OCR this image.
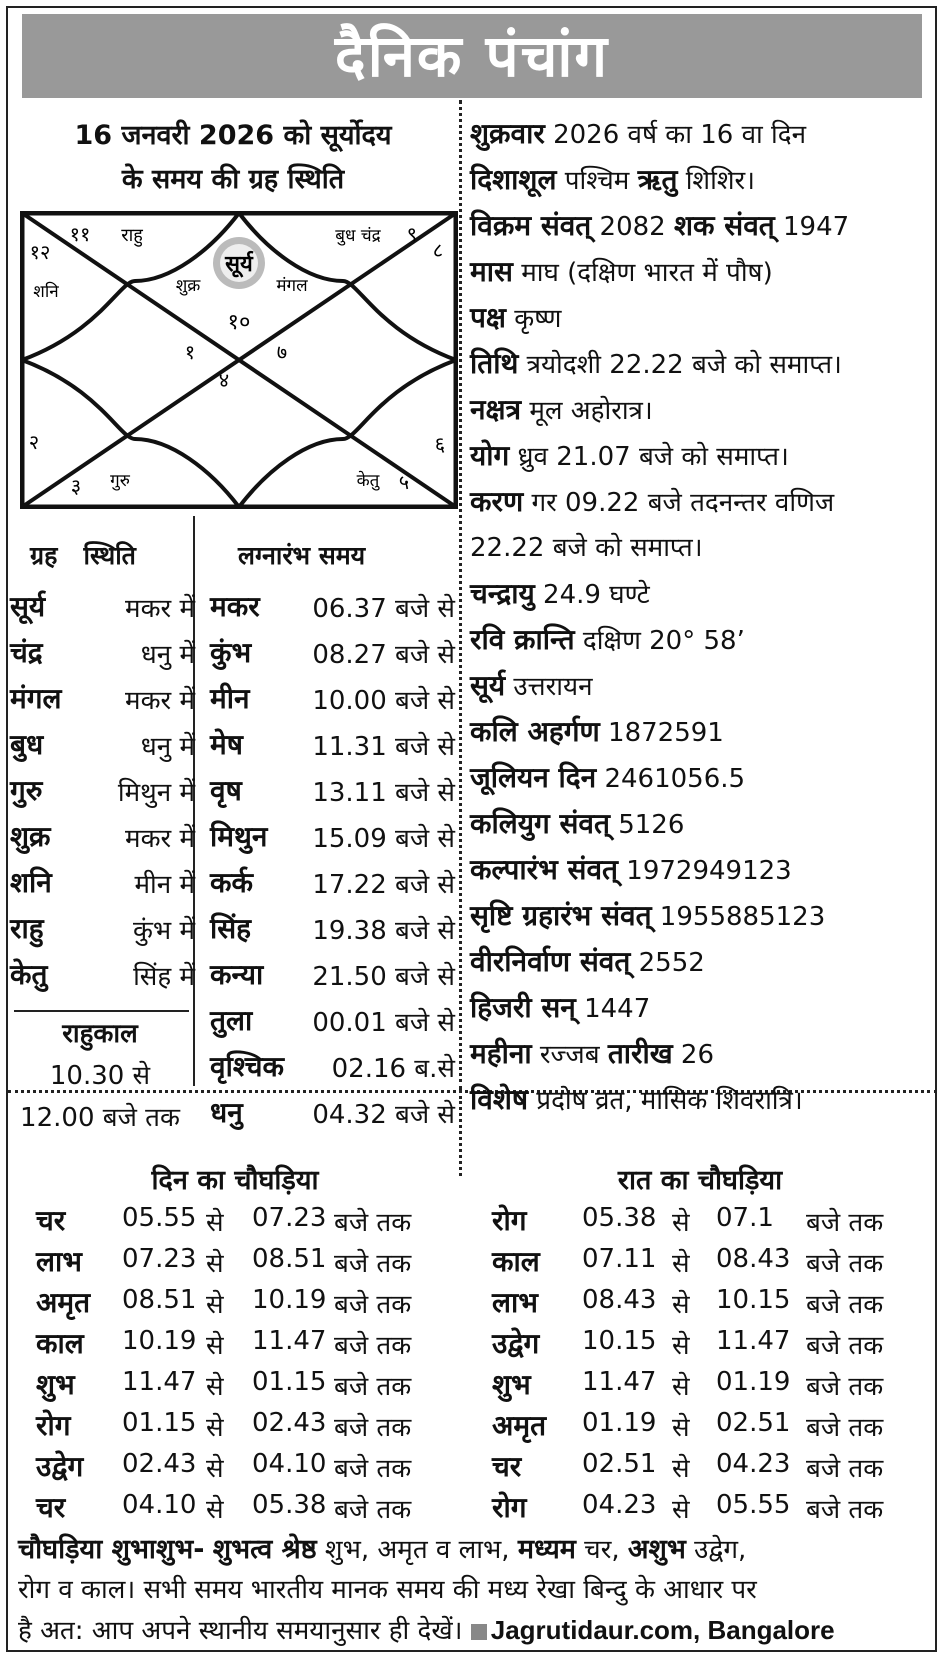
दैनिक पंचांग
16 जनवरी 2026 को सूर्योदय
के समय की ग्रह स्थिति
सूर्य
शुक्र	मंगल
१०
११ राहु
१२
शनि
१
२
३ गुरु
४
केतु ५
६
७
८
बुध चंद्र ९
ग्रह स्थिति	लग्नारंभ समय
सूर्य	मकर में
चंद्र	धनु में
मंगल मकर में
बुध	धनु में
गुरु	मिथुन में
शुक्र	मकर में
शनि	मीन में
राहु	कुंभ में
केतु	सिंह में
मकर 06.37 बजे से
कुंभ 08.27 बजे से
मीन 10.00 बजे से
मेष	11.31 बजे से
वृष	13.11 बजे से
मिथुन 15.09 बजे से
कर्क 17.22 बजे से
सिंह 19.38 बजे से
कन्या 21.50 बजे से
तुला 00.01 बजे से
वृश्चिक 02.16 ब.से
धनु	04.32 बजे से
राहुकाल
10.30 से
12.00 बजे तक
शुक्रवार 2026 वर्ष का 16 वा दिन
दिशाशूल पश्चिम ऋतु शिशिर।
विक्रम संवत् 2082 शक संवत् 1947
मास माघ (दक्षिण भारत में पौष)
पक्ष कृष्ण
तिथि त्रयोदशी 22.22 बजे को समाप्त।
नक्षत्र मूल अहोरात्र।
योग ध्रुव 21.07 बजे को समाप्त।
करण गर 09.22 बजे तदनन्तर वणिज
22.22 बजे को समाप्त।
चन्द्रायु 24.9 घण्टे
रवि क्रान्ति दक्षिण 20° 58’
सूर्य उत्तरायन
कलि अहर्गण 1872591
जूलियन दिन 2461056.5
कलियुग संवत् 5126
कल्पारंभ संवत् 1972949123
सृष्टि ग्रहारंभ संवत् 1955885123
वीरनिर्वाण संवत् 2552
हिजरी सन् 1447
महीना रज्जब तारीख 26
विशेष प्रदोष व्रत, मासिक शिवरात्रि।
दिन का चौघड़िया	रात का चौघड़िया
चर 05.55 से 07.23 बजे तक
लाभ 07.23 से 08.51 बजे तक
अमृत 08.51 से 10.19 बजे तक
काल 10.19 से 11.47 बजे तक
शुभ 11.47 से 01.15 बजे तक
रोग 01.15 से 02.43 बजे तक
उद्वेग 02.43 से 04.10 बजे तक
चर 04.10 से 05.38 बजे तक
रोग 05.38 से 07.1 बजे तक
काल 07.11 से 08.43 बजे तक
लाभ 08.43 से 10.15 बजे तक
उद्वेग 10.15 से 11.47 बजे तक
शुभ 11.47 से 01.19 बजे तक
अमृत 01.19 से 02.51 बजे तक
चर 02.51 से 04.23 बजे तक
रोग 04.23 से 05.55 बजे तक
चौघड़िया शुभाशुभ- शुभत्व श्रेष्ठ शुभ, अमृत व लाभ, मध्यम चर, अशुभ उद्वेग,
रोग व काल। सभी समय भारतीय मानक समय की मध्य रेखा बिन्दु के आधार पर
है अत: आप अपने स्थानीय समयानुसार ही देखें। Jagrutidaur.com, Bangalore
